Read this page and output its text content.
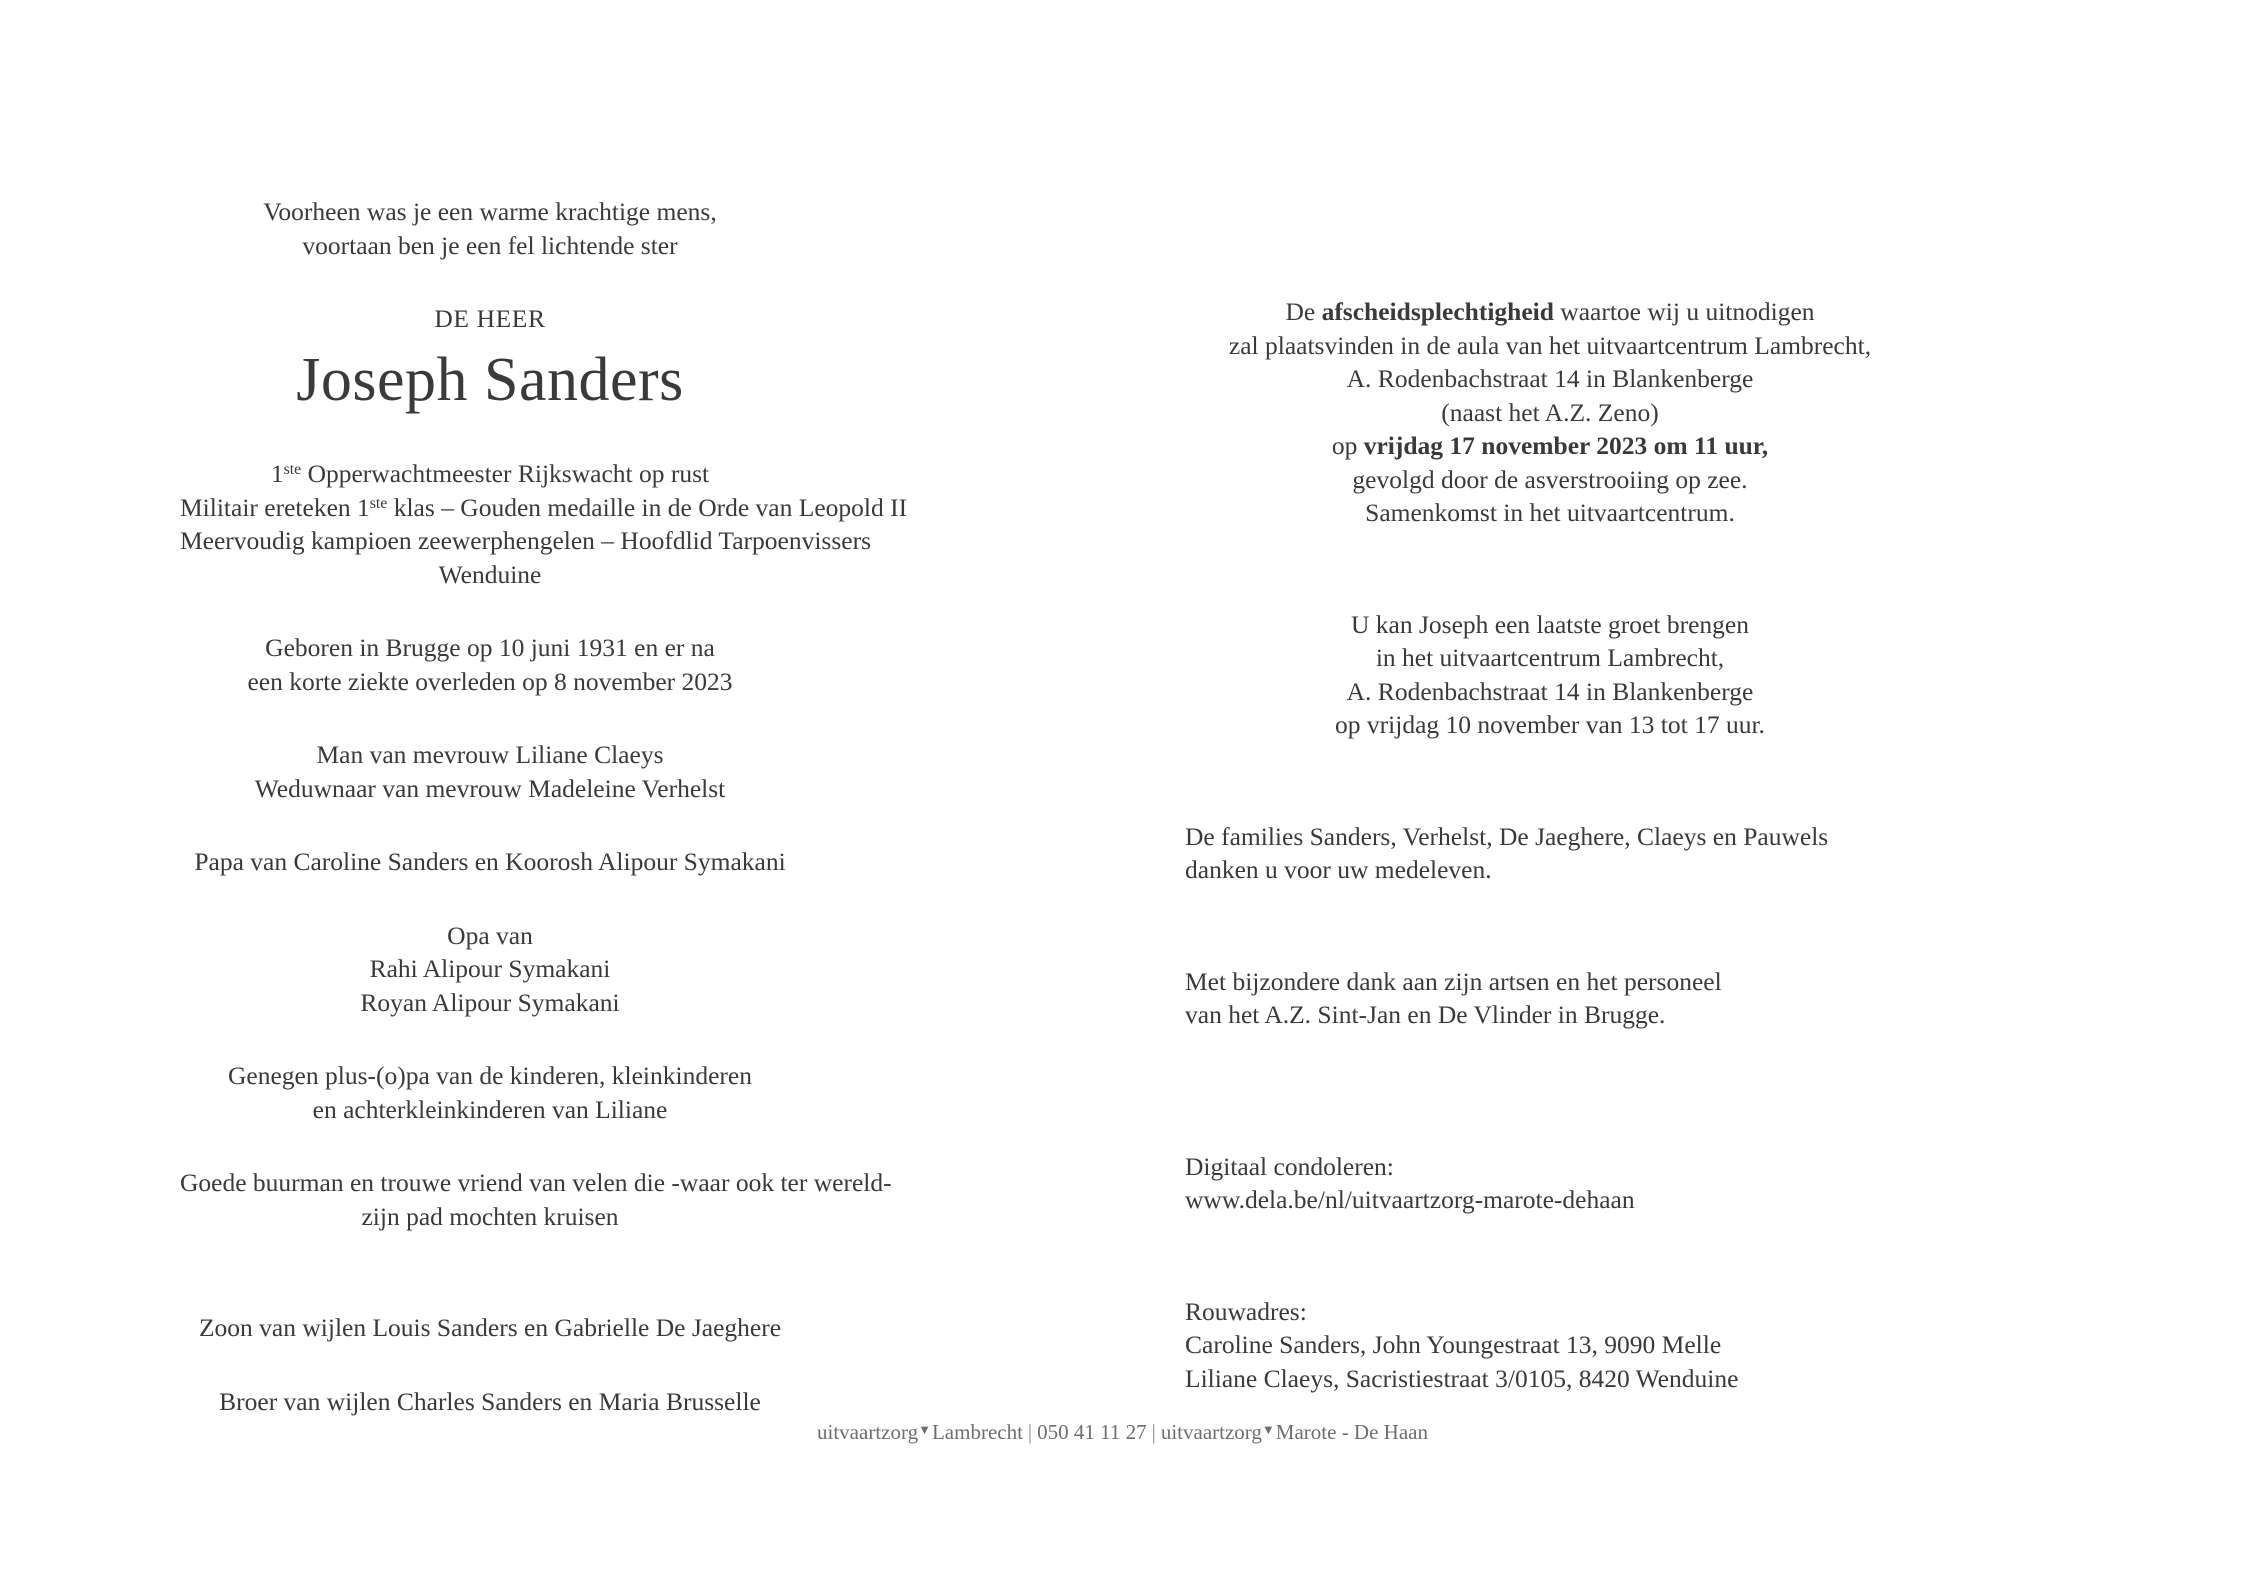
Voorheen was je een warme krachtige mens,
voortaan ben je een fel lichtende ster
DE HEER
Joseph Sanders
1ste Opperwachtmeester Rijkswacht op rust
Militair ereteken 1ste klas – Gouden medaille in de Orde van Leopold II
Meervoudig kampioen zeewerphengelen – Hoofdlid Tarpoenvissers
Wenduine
Geboren in Brugge op 10 juni 1931 en er na
een korte ziekte overleden op 8 november 2023
Man van mevrouw Liliane Claeys
Weduwnaar van mevrouw Madeleine Verhelst
Papa van Caroline Sanders en Koorosh Alipour Symakani
Opa van
Rahi Alipour Symakani
Royan Alipour Symakani
Genegen plus-(o)pa van de kinderen, kleinkinderen
en achterkleinkinderen van Liliane
Goede buurman en trouwe vriend van velen die -waar ook ter wereld-
zijn pad mochten kruisen
Zoon van wijlen Louis Sanders en Gabrielle De Jaeghere
Broer van wijlen Charles Sanders en Maria Brusselle
De afscheidsplechtigheid waartoe wij u uitnodigen
zal plaatsvinden in de aula van het uitvaartcentrum Lambrecht,
A. Rodenbachstraat 14 in Blankenberge
(naast het A.Z. Zeno)
op vrijdag 17 november 2023 om 11 uur,
gevolgd door de asverstrooiing op zee.
Samenkomst in het uitvaartcentrum.
U kan Joseph een laatste groet brengen
in het uitvaartcentrum Lambrecht,
A. Rodenbachstraat 14 in Blankenberge
op vrijdag 10 november van 13 tot 17 uur.
De families Sanders, Verhelst, De Jaeghere, Claeys en Pauwels
danken u voor uw medeleven.
Met bijzondere dank aan zijn artsen en het personeel
van het A.Z. Sint-Jan en De Vlinder in Brugge.
Digitaal condoleren:
www.dela.be/nl/uitvaartzorg-marote-dehaan
Rouwadres:
Caroline Sanders, John Youngestraat 13, 9090 Melle
Liliane Claeys, Sacristiestraat 3/0105, 8420 Wenduine
uitvaartzorg▼Lambrecht | 050 41 11 27 | uitvaartzorg▼Marote - De Haan
